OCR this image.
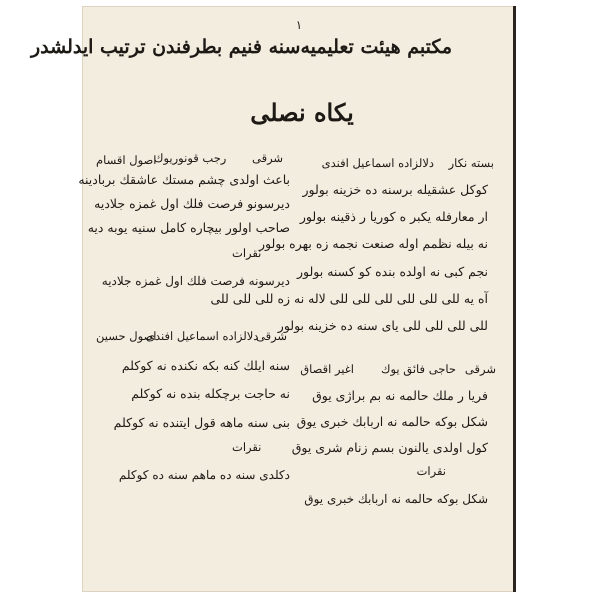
١
مكتبم هيئت تعليميه‌سنه فنيم بطرفندن ترتيب ايدلشدر
يكاه نصلى
بسته نكار
دلالزاده اسماعيل افندى
كوكل عشقيله برسنه ده خزينه بولور
ار معارفله يكبر ه كوريا ر ذقينه بولور
نه بيله نظمم اوله صنعت نجمه زه بهره بولور
نجم كبى نه اولده بنده كو كسنه بولور
آه يه للى للى للى للى للى للى لاله نه زه للى للى للى
للى للى للى للى ياى سنه ده خزينه بولور
اصول اقسام
رجب قونوريوك شرقى
باعث اولدى چشم مستك عاشقك بربادينه
ديرسونو فرصت فلك اول غمزه جلاديه
صاحب اولور بيچاره كامل سنيه يوبه ديه
نقرات
ديرسونه فرصت فلك اول غمزه جلاديه
اصول حسين
دلالزاده اسماعيل افندى
شرقى
سنه ايلك كنه بكه نكنده نه كوكلم
نه حاجت برچكله بنده نه كوكلم
بنى سنه ماهه قول ايتنده نه كوكلم
نقرات
دكلدى سنه ده ماهم سنه ده كوكلم
شرقى
حاجى فائق يوك
اغير اقصاق
فريا ر ملك حالمه نه بم براژى يوق
شكل بوكه حالمه نه اربابك خبرى يوق
كول اولدى يالنون بسم زنام شرى يوق
نقرات
شكل بوكه حالمه نه اربابك خبرى يوق
